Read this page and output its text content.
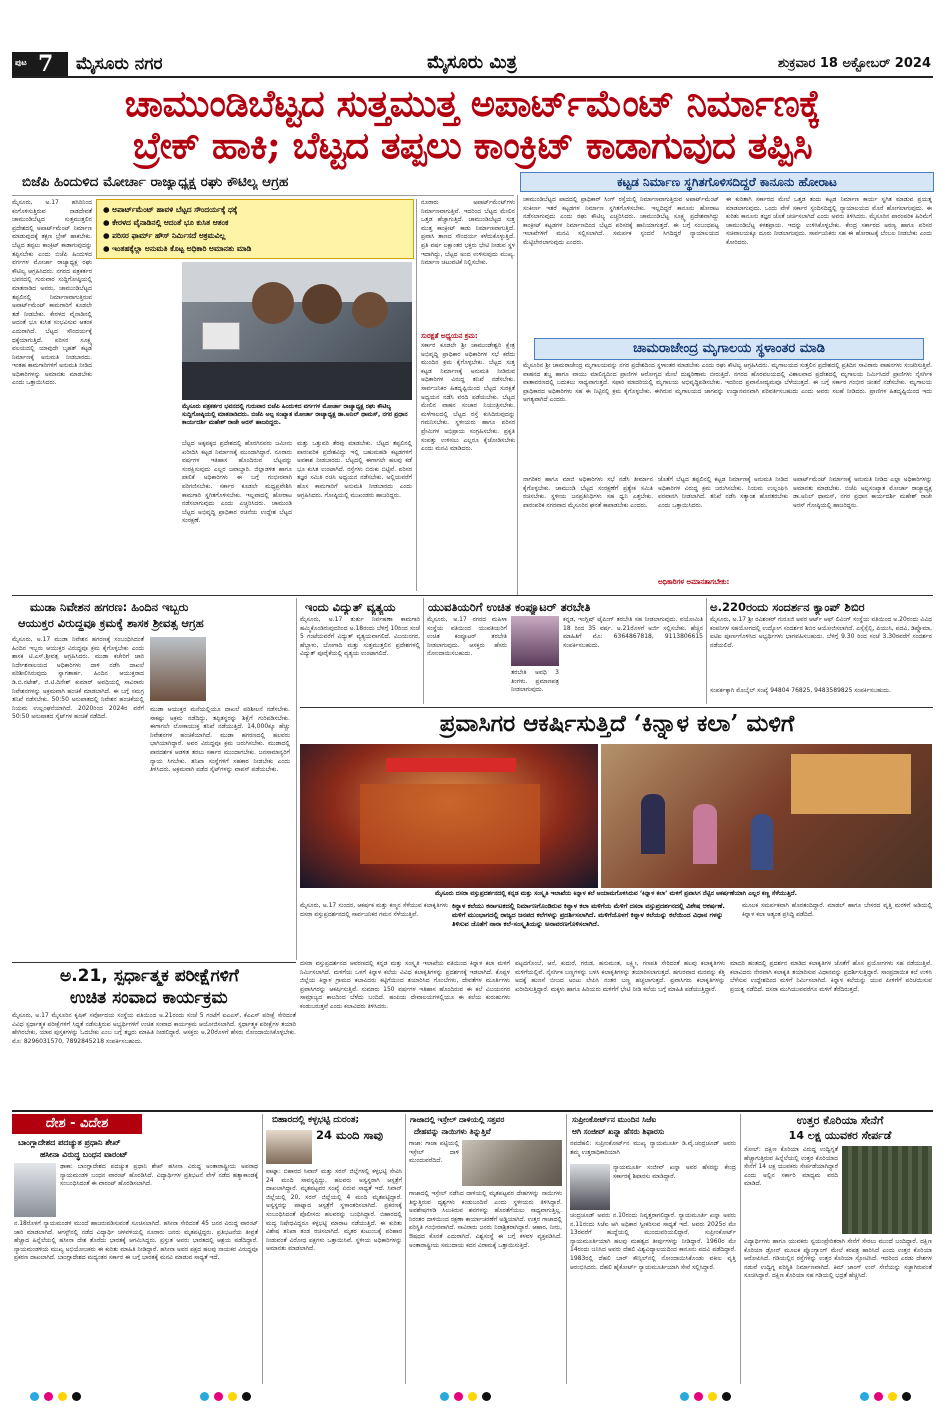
ಪುಟ 7 ಮೈಸೂರು ನಗರ	ಮೈಸೂರು ಮಿತ್ರ	ಶುಕ್ರವಾರ 18 ಅಕ್ಟೋಬರ್ 2024
ಚಾಮುಂಡಿಬೆಟ್ಟದ ಸುತ್ತಮುತ್ತ ಅಪಾರ್ಟ್‌ಮೆಂಟ್ ನಿರ್ಮಾಣಕ್ಕೆ
ಬ್ರೇಕ್ ಹಾಕಿ; ಬೆಟ್ಟದ ತಪ್ಪಲು ಕಾಂಕ್ರಿಟ್ ಕಾಡಾಗುವುದ ತಪ್ಪಿಸಿ
ಬಿಜೆಪಿ ಹಿಂದುಳಿದ ಮೋರ್ಚಾ ರಾಜ್ಯಾಧ್ಯಕ್ಷ ರಘು ಕೌಟಿಲ್ಯ ಆಗ್ರಹ	ಕಟ್ಟಡ ನಿರ್ಮಾಣ ಸ್ಥಗಿತಗೊಳಿಸದಿದ್ದರೆ ಕಾನೂನು ಹೋರಾಟ
ಮೈಸೂರು, ಅ.17 ಹಸಿರಿನಿಂದ ಕಂಗೊಳಿಸುತ್ತಿರುವ ನಾಡದೇವತೆ ಚಾಮುಂಡಿಬೆಟ್ಟದ ಸುತ್ತಮುತ್ತಲಿನ ಪ್ರದೇಶದಲ್ಲಿ ಅಪಾರ್ಟ್‌ಮೆಂಟ್ ನಿರ್ಮಾಣ ಮಾಡುವುದಕ್ಕೆ ತಕ್ಷಣ ಬ್ರೇಕ್ ಹಾಕಬೇಕು. ಬೆಟ್ಟದ ತಪ್ಪಲು ಕಾಂಕ್ರಿಟ್ ಕಾಡಾಗುವುದನ್ನು ತಪ್ಪಿಸಬೇಕು ಎಂದು ಬಿಜೆಪಿ ಹಿಂದುಳಿದ ವರ್ಗಗಳ ಮೋರ್ಚಾ ರಾಜ್ಯಾಧ್ಯಕ್ಷ ರಘು ಕೌಟಿಲ್ಯ ಆಗ್ರಹಿಸಿದರು. ನಗರದ ಪತ್ರಕರ್ತರ ಭವನದಲ್ಲಿ ಗುರುವಾರ ಸುದ್ದಿಗೋಷ್ಠಿಯಲ್ಲಿ ಮಾತನಾಡಿದ ಅವರು, ಚಾಮುಂಡಿಬೆಟ್ಟದ ತಪ್ಪಲಿನಲ್ಲಿ ನಿರ್ಮಾಣವಾಗುತ್ತಿರುವ ಅಪಾರ್ಟ್‌ಮೆಂಟ್ ಕಾಮಗಾರಿಗೆ ಕೂಡಲೇ ತಡೆ ನೀಡಬೇಕು. ಕೇರಳದ ವೈನಾಡಿನಲ್ಲಿ ಆದಂತೆ ಭೂ ಕುಸಿತ ಸಂಭವಿಸುವ ಆತಂಕ ಎದುರಾಗಿದೆ. ಬೆಟ್ಟದ ಸೌಂದರ್ಯಕ್ಕೆ ಧಕ್ಕೆಯಾಗುತ್ತಿದೆ. ಪರಿಸರ ಸೂಕ್ಷ್ಮ ವಲಯದಲ್ಲಿ ಯಾವುದೇ ಬೃಹತ್ ಕಟ್ಟಡ ನಿರ್ಮಾಣಕ್ಕೆ ಅನುಮತಿ ನೀಡಬಾರದು. ಇಂತಹ ಕಾಮಗಾರಿಗಳಿಗೆ ಅನುಮತಿ ನೀಡಿದ ಅಧಿಕಾರಿಗಳನ್ನು ಅಮಾನತು ಮಾಡಬೇಕು ಎಂದು ಒತ್ತಾಯಿಸಿದರು.
● ಅಪಾರ್ಟ್‌ಮೆಂಟ್ ಹಾವಳಿ ಬೆಟ್ಟದ ಸೌಂದರ್ಯಕ್ಕೆ ಧಕ್ಕೆ
● ಕೇರಳದ ವೈನಾಡಿನಲ್ಲಿ ಆದಂತೆ ಭೂ ಕುಸಿತ ಆತಂಕ
● ಪರಿಸರ ಫಾರ್ಮ್ ಹೌಸ್ ನಿರ್ಮಿಸದೆ ಅಕ್ರಮವಿಲ್ಲ
● ಇಂತಹಕ್ಕೆಲ್ಲಾ ಅನುಮತಿ ಕೊಟ್ಟ ಅಧಿಕಾರಿ ಅಮಾನತು ಮಾಡಿ
ಮೈಸೂರು ಪತ್ರಕರ್ತರ ಭವನದಲ್ಲಿ ಗುರುವಾರ ಬಿಜೆಪಿ ಹಿಂದುಳಿದ ವರ್ಗಗಳ ಮೋರ್ಚಾ ರಾಜ್ಯಾಧ್ಯಕ್ಷ ರಘು ಕೌಟಿಲ್ಯ ಸುದ್ದಿಗೋಷ್ಠಿಯಲ್ಲಿ ಮಾತನಾಡಿದರು. ಬಿಜೆಪಿ ಅಲ್ಪ ಸಂಖ್ಯಾತ ಮೋರ್ಚಾ ರಾಜ್ಯಾಧ್ಯಕ್ಷ ಡಾ.ಅನಿಲ್ ಥಾಮಸ್, ನಗರ ಪ್ರಧಾನ ಕಾರ್ಯದರ್ಶಿ ಮಹೇಶ್ ರಾಜೇ ಅರಸ್ ಹಾಜರಿದ್ದರು.
ಬೆಟ್ಟದ ಅಕ್ಕಪಕ್ಕದ ಪ್ರದೇಶದಲ್ಲಿ ಹೊರಗಿನವರು ಜಮೀನು ಖರೀದಿಸಿ ಕಟ್ಟಡ ನಿರ್ಮಾಣಕ್ಕೆ ಮುಂದಾಗಿದ್ದಾರೆ. ನೂರಾರು ವರ್ಷಗಳ ಇತಿಹಾಸ ಹೊಂದಿರುವ ಬೆಟ್ಟವನ್ನು ಸಂರಕ್ಷಿಸುವುದು ಎಲ್ಲರ ಜವಾಬ್ದಾರಿ. ಜಿಲ್ಲಾಡಳಿತ ಹಾಗೂ ಪಾಲಿಕೆ ಅಧಿಕಾರಿಗಳು ಈ ಬಗ್ಗೆ ಗಂಭೀರವಾಗಿ ಪರಿಗಣಿಸಬೇಕು. ಸರ್ಕಾರ ಕೂಡಲೇ ಮಧ್ಯಪ್ರವೇಶಿಸಿ ಕಾಮಗಾರಿ ಸ್ಥಗಿತಗೊಳಿಸಬೇಕು. ಇಲ್ಲವಾದಲ್ಲಿ ಹೋರಾಟ ನಡೆಸಲಾಗುವುದು ಎಂದು ಎಚ್ಚರಿಸಿದರು. ಚಾಮುಂಡಿ ಬೆಟ್ಟದ ಅಭಿವೃದ್ಧಿ ಪ್ರಾಧಿಕಾರ ರಚನೆಯ ಉದ್ದೇಶ ಬೆಟ್ಟದ ಸಂರಕ್ಷಣೆ.
ಮತ್ತು ಒತ್ತುವರಿ ತೆರವು ಮಾಡಬೇಕು. ಬೆಟ್ಟದ ತಪ್ಪಲಿನಲ್ಲಿ ಪಾರಂಪರಿಕ ಪ್ರದೇಶವಿದ್ದು ಇಲ್ಲಿ ಬಹುಮಹಡಿ ಕಟ್ಟಡಗಳಿಗೆ ಅವಕಾಶ ನೀಡಬಾರದು. ಬೆಟ್ಟದಲ್ಲಿ ಈಗಾಗಲೇ ಹಲವು ಕಡೆ ಭೂ ಕುಸಿತ ಉಂಟಾಗಿದೆ. ರಸ್ತೆಗಳು ಬಿರುಕು ಬಿಟ್ಟಿವೆ. ಪರಿಸರ ತಜ್ಞರ ಸಮಿತಿ ರಚಿಸಿ ಅಧ್ಯಯನ ನಡೆಸಬೇಕು. ಅಲ್ಲಿಯವರೆಗೆ ಹೊಸ ಕಾಮಗಾರಿಗೆ ಅನುಮತಿ ನೀಡಬಾರದು ಎಂದು ಆಗ್ರಹಿಸಿದರು. ಗೋಷ್ಠಿಯಲ್ಲಿ ಮುಖಂಡರು ಹಾಜರಿದ್ದರು.
ನೂರಾರು ಅಪಾರ್ಟ್‌ಮೆಂಟ್‌ಗಳು ನಿರ್ಮಾಣವಾಗುತ್ತಿವೆ. ಇದರಿಂದ ಬೆಟ್ಟದ ಮೇಲಿನ ಒತ್ತಡ ಹೆಚ್ಚಾಗುತ್ತಿದೆ. ಚಾಮುಂಡಿಬೆಟ್ಟದ ಸುತ್ತ ಮುತ್ತ ಕಾಂಕ್ರೀಟ್ ಕಾಡು ನಿರ್ಮಾಣವಾಗುತ್ತಿದೆ. ಪ್ರವಾಸಿ ತಾಣದ ಸೌಂದರ್ಯ ಕಳೆದುಕೊಳ್ಳುತ್ತಿದೆ. ಪ್ರತಿ ವರ್ಷ ಲಕ್ಷಾಂತರ ಭಕ್ತರು ಭೇಟಿ ನೀಡುವ ಸ್ಥಳ ಇದಾಗಿದ್ದು, ಬೆಟ್ಟದ ಅಂದ ಉಳಿಸುವುದು ಮುಖ್ಯ. ನಿರ್ಮಾಣ ಚಟುವಟಿಕೆ ನಿಲ್ಲಿಸಬೇಕು.
ಸುರಕ್ಷತೆ ಅಧ್ಯಯನ ಕ್ರಮ:
ಸರ್ಕಾರ ಕೂಡಲೇ ಶ್ರೀ ಚಾಮುಂಡೇಶ್ವರಿ ಕ್ಷೇತ್ರ ಅಭಿವೃದ್ಧಿ ಪ್ರಾಧಿಕಾರ ಅಧಿಕಾರಿಗಳ ಸಭೆ ಕರೆದು ಮುಂದಿನ ಕ್ರಮ ಕೈಗೊಳ್ಳಬೇಕು. ಬೆಟ್ಟದ ಸುತ್ತ ಕಟ್ಟಡ ನಿರ್ಮಾಣಕ್ಕೆ ಅನುಮತಿ ನೀಡಿರುವ ಅಧಿಕಾರಿಗಳ ವಿರುದ್ಧ ತನಿಖೆ ನಡೆಸಬೇಕು. ಸಾರ್ವಜನಿಕರ ಹಿತದೃಷ್ಟಿಯಿಂದ ಬೆಟ್ಟದ ಸುರಕ್ಷತೆ ಅಧ್ಯಯನ ನಡೆಸಿ ವರದಿ ಪಡೆಯಬೇಕು. ಬೆಟ್ಟದ ಮೇಲಿನ ವಾಹನ ಸಂಚಾರ ನಿಯಂತ್ರಿಸಬೇಕು. ಮಳೆಗಾಲದಲ್ಲಿ ಬೆಟ್ಟದ ರಸ್ತೆ ಕುಸಿದಿರುವುದನ್ನು ಗಮನಿಸಬೇಕು. ಸ್ಥಳೀಯರು ಹಾಗೂ ಪರಿಸರ ಪ್ರೇಮಿಗಳ ಅಭಿಪ್ರಾಯ ಸಂಗ್ರಹಿಸಬೇಕು. ಪ್ರಕೃತಿ ಸಂಪತ್ತು ಉಳಿಸಲು ಎಲ್ಲರೂ ಕೈಜೋಡಿಸಬೇಕು ಎಂದು ಮನವಿ ಮಾಡಿದರು.
ಚಾಮುಂಡಿಬೆಟ್ಟದ ಪಾದದಲ್ಲಿ ಪ್ರಾಧಿಕಾರ್ ಸಿಂಗ್ ರಸ್ತೆಯಲ್ಲಿ ನಿರ್ಮಾಣವಾಗುತ್ತಿರುವ ಅಪಾರ್ಟ್‌ಮೆಂಟ್ ಸಂಕೀರ್ಣ ಇತರೆ ಕಟ್ಟಡಗಳ ನಿರ್ಮಾಣ ಸ್ಥಗಿತಗೊಳಿಸಬೇಕು. ಇಲ್ಲದಿದ್ದರೆ ಕಾನೂನು ಹೋರಾಟ ನಡೆಸಲಾಗುವುದು ಎಂದು ರಘು ಕೌಟಿಲ್ಯ ಎಚ್ಚರಿಸಿದರು. ಚಾಮುಂಡಿಬೆಟ್ಟ ಸೂಕ್ಷ್ಮ ಪ್ರದೇಶವಾಗಿದ್ದು ಕಾಂಕ್ರೀಟ್ ಕಟ್ಟಡಗಳ ನಿರ್ಮಾಣದಿಂದ ಬೆಟ್ಟದ ಪರಿಸರಕ್ಕೆ ಹಾನಿಯಾಗುತ್ತದೆ. ಈ ಬಗ್ಗೆ ಸಂಬಂಧಪಟ್ಟ ಇಲಾಖೆಗಳಿಗೆ ಮನವಿ ಸಲ್ಲಿಸಲಾಗಿದೆ. ಸಮರ್ಪಕ ಸ್ಪಂದನೆ ಸಿಗದಿದ್ದರೆ ನ್ಯಾಯಾಲಯದ ಮೆಟ್ಟಿಲೇರಲಾಗುವುದು ಎಂದರು.
ಈ ಕುರಿತಾಗಿ ಸರ್ಕಾರದ ಮೇಲೆ ಒತ್ತಡ ತಂದು ಕಟ್ಟಡ ನಿರ್ಮಾಣ ಕಾರ್ಯ ಸ್ಥಗಿತ ಮಾಡುವ ಪ್ರಯತ್ನ ಮಾಡಲಾಗುವುದು. ಒಂದು ವೇಳೆ ಸರ್ಕಾರ ಸ್ಪಂದಿಸದಿದ್ದಲ್ಲಿ ನ್ಯಾಯಾಲಯದ ಮೊರೆ ಹೋಗಲಾಗುವುದು. ಈ ಕುರಿತು ಕಾನೂನು ತಜ್ಞರ ಜೊತೆ ಚರ್ಚಿಸಲಾಗಿದೆ ಎಂದು ಅವರು ತಿಳಿಸಿದರು. ಮೈಸೂರಿನ ಪಾರಂಪರಿಕ ಹಿರಿಮೆಗೆ ಚಾಮುಂಡಿಬೆಟ್ಟ ಕಳಶಪ್ರಾಯ. ಇದನ್ನು ಉಳಿಸಿಕೊಳ್ಳಬೇಕು. ಕೇಂದ್ರ ಸರ್ಕಾರದ ಅರಣ್ಯ ಹಾಗೂ ಪರಿಸರ ಸಚಿವಾಲಯಕ್ಕೂ ದೂರು ನೀಡಲಾಗುವುದು. ಸಾರ್ವಜನಿಕರು ಸಹ ಈ ಹೋರಾಟಕ್ಕೆ ಬೆಂಬಲ ನೀಡಬೇಕು ಎಂದು ಕೋರಿದರು.
ಚಾಮರಾಜೇಂದ್ರ ಮೃಗಾಲಯ ಸ್ಥಳಾಂತರ ಮಾಡಿ
ಮೈಸೂರಿನ ಶ್ರೀ ಚಾಮರಾಜೇಂದ್ರ ಮೃಗಾಲಯವನ್ನು ನಗರ ಪ್ರದೇಶದಿಂದ ಸ್ಥಳಾಂತರ ಮಾಡಬೇಕು ಎಂದು ರಘು ಕೌಟಿಲ್ಯ ಆಗ್ರಹಿಸಿದರು. ಮೃಗಾಲಯದ ಸುತ್ತಲಿನ ಪ್ರದೇಶದಲ್ಲಿ ಪ್ರತಿದಿನ ಸಾವಿರಾರು ವಾಹನಗಳು ಸಂಚರಿಸುತ್ತಿವೆ. ವಾಹನದ ಶಬ್ದ ಹಾಗೂ ವಾಯು ಮಾಲಿನ್ಯದಿಂದ ಪ್ರಾಣಿಗಳ ಆರೋಗ್ಯದ ಮೇಲೆ ದುಷ್ಪರಿಣಾಮ ಬೀರುತ್ತಿದೆ. ನಗರದ ಹೊರವಲಯದಲ್ಲಿ ವಿಶಾಲವಾದ ಪ್ರದೇಶದಲ್ಲಿ ಮೃಗಾಲಯ ನಿರ್ಮಿಸಿದರೆ ಪ್ರಾಣಿಗಳು ನೈಸರ್ಗಿಕ ವಾತಾವರಣದಲ್ಲಿ ಬದುಕಲು ಸಾಧ್ಯವಾಗುತ್ತದೆ. ಸಫಾರಿ ಮಾದರಿಯಲ್ಲಿ ಮೃಗಾಲಯ ಅಭಿವೃದ್ಧಿಪಡಿಸಬೇಕು. ಇದರಿಂದ ಪ್ರವಾಸೋದ್ಯಮವೂ ಬೆಳೆಯುತ್ತದೆ. ಈ ಬಗ್ಗೆ ಸರ್ಕಾರ ಗಂಭೀರ ಚಿಂತನೆ ನಡೆಸಬೇಕು. ಮೃಗಾಲಯ ಪ್ರಾಧಿಕಾರದ ಅಧಿಕಾರಿಗಳು ಸಹ ಈ ನಿಟ್ಟಿನಲ್ಲಿ ಕ್ರಮ ಕೈಗೊಳ್ಳಬೇಕು. ಈಗಿರುವ ಮೃಗಾಲಯದ ಜಾಗವನ್ನು ಉದ್ಯಾನವನವಾಗಿ ಪರಿವರ್ತಿಸಬಹುದು ಎಂದು ಅವರು ಸಲಹೆ ನೀಡಿದರು. ಪ್ರಾಣಿಗಳ ಹಿತದೃಷ್ಟಿಯಿಂದ ಇದು ಅಗತ್ಯವಾಗಿದೆ ಎಂದರು.
ನಾಗರಿಕರ ಹಾಗೂ ಮಾಜಿ ಅಧಿಕಾರಿಗಳು ಸಭೆ ನಡೆಸಿ ತೀರ್ಮಾನ ಕೈಗೊಳ್ಳಬೇಕು. ಚಾಮುಂಡಿ ಬೆಟ್ಟದ ಸಂರಕ್ಷಣೆಗೆ ಪ್ರತ್ಯೇಕ ಸಮಿತಿ ರಚಿಸಬೇಕು. ಸ್ಥಳೀಯ ಜನಪ್ರತಿನಿಧಿಗಳು ಸಹ ಧ್ವನಿ ಎತ್ತಬೇಕು. ಪಾರಂಪರಿಕ ನಗರವಾದ ಮೈಸೂರಿನ ಘನತೆ ಕಾಪಾಡಬೇಕು ಎಂದರು.
ಅಧಿಕಾರಿಗಳ ಅಮಾನತಾಗಬೇಕು:
ಜೊತೆಗೆ ಬೆಟ್ಟದ ತಪ್ಪಲಿನಲ್ಲಿ ಕಟ್ಟಡ ನಿರ್ಮಾಣಕ್ಕೆ ಅನುಮತಿ ನೀಡಿದ ಅಧಿಕಾರಿಗಳ ವಿರುದ್ಧ ಕ್ರಮ ಜರುಗಿಸಬೇಕು. ನಿಯಮ ಉಲ್ಲಂಘಿಸಿ ಪರವಾನಗಿ ನೀಡಲಾಗಿದೆ. ತನಿಖೆ ನಡೆಸಿ ಸತ್ಯಾಂಶ ಹೊರತರಬೇಕು ಎಂದು ಒತ್ತಾಯಿಸಿದರು.
ಅಪಾರ್ಟ್‌ಮೆಂಟ್ ನಿರ್ಮಾಣಕ್ಕೆ ಅನುಮತಿ ನೀಡಿದ ಎಲ್ಲಾ ಅಧಿಕಾರಿಗಳನ್ನು ಅಮಾನತು ಮಾಡಬೇಕು. ಬಿಜೆಪಿ ಅಲ್ಪಸಂಖ್ಯಾತ ಮೋರ್ಚಾ ರಾಜ್ಯಾಧ್ಯಕ್ಷ ಡಾ.ಅನಿಲ್ ಥಾಮಸ್, ನಗರ ಪ್ರಧಾನ ಕಾರ್ಯದರ್ಶಿ ಮಹೇಶ್ ರಾಜೇ ಅರಸ್ ಗೋಷ್ಠಿಯಲ್ಲಿ ಹಾಜರಿದ್ದರು.
ಮುಡಾ ನಿವೇಶನ ಹಗರಣ: ಹಿಂದಿನ ಇಬ್ಬರು
ಆಯುಕ್ತರ ವಿರುದ್ಧವೂ ಕ್ರಮಕ್ಕೆ ಶಾಸಕ ಶ್ರೀವತ್ಸ ಆಗ್ರಹ
ಮೈಸೂರು, ಅ.17 ಮುಡಾ ನಿವೇಶನ ಹಗರಣಕ್ಕೆ ಸಂಬಂಧಿಸಿದಂತೆ ಹಿಂದಿನ ಇಬ್ಬರು ಆಯುಕ್ತರ ವಿರುದ್ಧವೂ ಕ್ರಮ ಕೈಗೊಳ್ಳಬೇಕು ಎಂದು ಶಾಸಕ ಟಿ.ಎಸ್.ಶ್ರೀವತ್ಸ ಆಗ್ರಹಿಸಿದರು. ಮುಡಾ ಕಚೇರಿಗೆ ಜಾರಿ ನಿರ್ದೇಶನಾಲಯದ ಅಧಿಕಾರಿಗಳು ದಾಳಿ ನಡೆಸಿ ದಾಖಲೆ ಪರಿಶೀಲಿಸಿರುವುದು ಸ್ವಾಗತಾರ್ಹ. ಹಿಂದಿನ ಆಯುಕ್ತರಾದ ಡಿ.ಬಿ.ನಟೇಶ್, ಜಿ.ಟಿ.ದಿನೇಶ್ ಕುಮಾರ್ ಅವಧಿಯಲ್ಲಿ ಸಾವಿರಾರು ನಿವೇಶನಗಳನ್ನು ಅಕ್ರಮವಾಗಿ ಹಂಚಿಕೆ ಮಾಡಲಾಗಿದೆ. ಈ ಬಗ್ಗೆ ಸಮಗ್ರ ತನಿಖೆ ನಡೆಸಬೇಕು. 50:50 ಅನುಪಾತದಲ್ಲಿ ನಿವೇಶನ ಹಂಚಿಕೆಯಲ್ಲಿ ನಿಯಮ ಉಲ್ಲಂಘನೆಯಾಗಿದೆ. 2020ರಿಂದ 2024ರ ವರೆಗೆ 50:50 ಅನುಪಾತದ ಸೈಟ್‌ಗಳ ಹಂಚಿಕೆ ನಡೆದಿದೆ.
ಮುಡಾ ಆಯುಕ್ತರ ಮನೆಯಲ್ಲಿಯೂ ದಾಖಲೆ ಪರಿಶೀಲನೆ ನಡೆಸಬೇಕು. ಸಾಕಷ್ಟು ಅಕ್ರಮ ನಡೆದಿದ್ದು, ತಪ್ಪಿತಸ್ಥರನ್ನು ಶಿಕ್ಷೆಗೆ ಗುರಿಪಡಿಸಬೇಕು. ಈಗಾಗಲೇ ಲೋಕಾಯುಕ್ತ ತನಿಖೆ ನಡೆಯುತ್ತಿದೆ. 14,000ಕ್ಕೂ ಹೆಚ್ಚು ನಿವೇಶನಗಳ ಹಂಚಿಕೆಯಾಗಿದೆ. ಮುಡಾ ಹಗರಣದಲ್ಲಿ ಹಲವರು ಭಾಗಿಯಾಗಿದ್ದಾರೆ. ಅವರ ವಿರುದ್ಧವೂ ಕ್ರಮ ಜರುಗಿಸಬೇಕು. ಮುಡಾದಲ್ಲಿ ಪಾರದರ್ಶಕ ಆಡಳಿತ ತರಲು ಸರ್ಕಾರ ಮುಂದಾಗಬೇಕು. ಜನಸಾಮಾನ್ಯರಿಗೆ ನ್ಯಾಯ ಸಿಗಬೇಕು. ತನಿಖಾ ಸಂಸ್ಥೆಗಳಿಗೆ ಸಹಕಾರ ನೀಡಬೇಕು ಎಂದು ತಿಳಿಸಿದರು. ಅಕ್ರಮವಾಗಿ ಪಡೆದ ಸೈಟ್‌ಗಳನ್ನು ವಾಪಸ್ ಪಡೆಯಬೇಕು.
ಇಂದು ವಿದ್ಯುತ್ ವ್ಯತ್ಯಯ
ಮೈಸೂರು, ಅ.17 ತುರ್ತು ನಿರ್ವಹಣಾ ಕಾಮಗಾರಿ ಹಮ್ಮಿಕೊಂಡಿರುವುದರಿಂದ ಅ.18ರಂದು ಬೆಳಿಗ್ಗೆ 10ರಿಂದ ಸಂಜೆ 5 ಗಂಟೆಯವರೆಗೆ ವಿದ್ಯುತ್ ವ್ಯತ್ಯಯವಾಗಲಿದೆ. ವಿಜಯನಗರ, ಹೆಬ್ಬಾಳು, ಬೋಗಾದಿ ಮತ್ತು ಸುತ್ತಮುತ್ತಲಿನ ಪ್ರದೇಶಗಳಲ್ಲಿ ವಿದ್ಯುತ್ ಪೂರೈಕೆಯಲ್ಲಿ ವ್ಯತ್ಯಯ ಉಂಟಾಗಲಿದೆ.
ಯುವತಿಯರಿಗೆ ಉಚಿತ ಕಂಪ್ಯೂಟರ್ ತರಬೇತಿ
ಮೈಸೂರು, ಅ.17 ನಗರದ ಮಹಿಳಾ ಸಂಸ್ಥೆಯ ವತಿಯಿಂದ ಯುವತಿಯರಿಗೆ ಉಚಿತ ಕಂಪ್ಯೂಟರ್ ತರಬೇತಿ ನೀಡಲಾಗುವುದು. ಆಸಕ್ತರು ಹೆಸರು ನೋಂದಾಯಿಸಬಹುದು.
ತರಬೇತಿ ಅವಧಿ 3 ತಿಂಗಳು. ಪ್ರಮಾಣಪತ್ರ ನೀಡಲಾಗುವುದು.
ಕನ್ನಡ, ಇಂಗ್ಲಿಷ್ ಟೈಪಿಂಗ್ ತರಬೇತಿ ಸಹ ನೀಡಲಾಗುವುದು. ವಯೋಮಿತಿ 18 ರಿಂದ 35 ವರ್ಷ. ಅ.21ರೊಳಗೆ ಅರ್ಜಿ ಸಲ್ಲಿಸಬೇಕು. ಹೆಚ್ಚಿನ ಮಾಹಿತಿಗೆ ಮೊ: 6364867818, 9113806615 ಸಂಪರ್ಕಿಸಬಹುದು.
ಅ.220ರಂದು ಸಂದರ್ಶನ ಕ್ಯಾಂಪ್ ಶಿಬಿರ
ಮೈಸೂರು, ಅ.17 ಶ್ರೀ ರವಿಶಂಕರ್ ಗುರೂಜಿ ಅವರ ಆರ್ಟ್ ಆಫ್ ಲಿವಿಂಗ್ ಸಂಸ್ಥೆಯ ವತಿಯಿಂದ ಅ.20ರಂದು ವಿವಿಧ ಕಂಪನಿಗಳ ಸಹಯೋಗದಲ್ಲಿ ಉದ್ಯೋಗ ಸಂದರ್ಶನ ಶಿಬಿರ ಆಯೋಜಿಸಲಾಗಿದೆ. ಎಸ್ಸೆಸ್ಸೆಲ್ಸಿ, ಪಿಯುಸಿ, ಪದವಿ, ಡಿಪ್ಲೊಮಾ, ಐಟಿಐ ಪೂರ್ಣಗೊಳಿಸಿದ ಅಭ್ಯರ್ಥಿಗಳು ಭಾಗವಹಿಸಬಹುದು. ಬೆಳಿಗ್ಗೆ 9.30 ರಿಂದ ಸಂಜೆ 3.30ರವರೆಗೆ ಸಂದರ್ಶನ ನಡೆಯಲಿದೆ.
ಸಂಪರ್ಕಕ್ಕಾಗಿ ಮೊಬೈಲ್ ಸಂಖ್ಯೆ 94804 76825, 9483589825 ಸಂಪರ್ಕಿಸಬಹುದು.
ಪ್ರವಾಸಿಗರ ಆಕರ್ಷಿಸುತ್ತಿದೆ ‘ಕಿನ್ನಾಳ ಕಲಾ’ ಮಳಿಗೆ
ಮೈಸೂರು ದಸರಾ ವಸ್ತುಪ್ರದರ್ಶನದಲ್ಲಿ ಕನ್ನಡ ಮತ್ತು ಸಂಸ್ಕೃತಿ ಇಲಾಖೆಯ ಕಿನ್ನಾಳ ಕಲೆ ಆಯಾಮಗೊಳಿಸಿರುವ ‘ಕಿನ್ನಾಳ ಕಲಾ’ ಮಳಿಗೆ ಪ್ರವಾಸಿಗ ನೆಟ್ಟಿನ ಆಕರ್ಷಣೆಯಾಗಿ ಎಲ್ಲರ ಕಣ್ಣ ಸೆಳೆಯುತ್ತಿದೆ.
ಮೈಸೂರು, ಅ.17 ಸುಂದರ, ಆಕರ್ಷಕ ಮತ್ತು ಕಣ್ಮನ ಸೆಳೆಯುವ ಕಲಾಕೃತಿಗಳು ದಸರಾ ವಸ್ತುಪ್ರದರ್ಶನದಲ್ಲಿ ಸಾರ್ವಜನಿಕರ ಗಮನ ಸೆಳೆಯುತ್ತಿವೆ.
ಕಿನ್ನಾಳ ಕಲೆಯು ಕರ್ನಾಟಕದಲ್ಲಿ ನಿರ್ಮಾಣಗೊಂಡಿರುವ ಕಿನ್ನಾಳ ಕಲಾ ಮಳಿಗೆಯ ಮೆಳಿಗೆ ದಸರಾ ವಸ್ತುಪ್ರದರ್ಶನದಲ್ಲಿ ವಿಶೇಷ ಆಕರ್ಷಣೆ. ಮಳಿಗೆ ಮುಂಭಾಗದಲ್ಲಿ ರಾಜ್ಯದ ಜನಪದ ಕಲೆಗಳನ್ನು ಪ್ರದರ್ಶಿಸಲಾಗಿದೆ. ಮಳಿಗೆಯೊಳಗೆ ಕಿನ್ನಾಳ ಕಲೆಯನ್ನು ಕಲೆಯಿಂದ ವಿಧಾನ ಗಳನ್ನು ತಿಳಿಸುವ ಜೊತೆಗೆ ನಾನಾ ಕಲೆ-ಸಂಸ್ಕೃತಿಯನ್ನು ಅನಾವರಣಗೊಳಿಸಲಾಗಿದೆ.
ಮೂಲಕ ಸಮರ್ಪಕವಾಗಿ ಹೊರತಂದಿದ್ದಾರೆ. ಮಾಡಲ್ ಹಾಗೂ ಬೇಸರದ ವೃತ್ತಿ ಮರಳಿಗೆ ಅಡಿಯಲ್ಲಿ ಕಿನ್ನಾಳ ಕಲಾ ಅತ್ಯಂತ ಪ್ರಸಿದ್ಧಿ ಪಡೆದಿದೆ.
ದಸರಾ ವಸ್ತುಪ್ರದರ್ಶನದ ಆವರಣದಲ್ಲಿ ಕನ್ನಡ ಮತ್ತು ಸಂಸ್ಕೃತಿ ಇಲಾಖೆಯ ವತಿಯಿಂದ ಕಿನ್ನಾಳ ಕಲಾ ಮಳಿಗೆ ನಿರ್ಮಿಸಲಾಗಿದೆ. ಮಳಿಗೆಯ ಒಳಗೆ ಕಿನ್ನಾಳ ಕಲೆಯ ವಿವಿಧ ಕಲಾಕೃತಿಗಳನ್ನು ಪ್ರದರ್ಶನಕ್ಕೆ ಇಡಲಾಗಿದೆ. ಕೊಪ್ಪಳ ಜಿಲ್ಲೆಯ ಕಿನ್ನಾಳ ಗ್ರಾಮದ ಕಲಾವಿದರು ಕಟ್ಟಿಗೆಯಿಂದ ತಯಾರಿಸಿದ ಗೊಂಬೆಗಳು, ದೇವತೆಗಳ ಮೂರ್ತಿಗಳು ಪ್ರವಾಸಿಗರನ್ನು ಆಕರ್ಷಿಸುತ್ತಿವೆ. ಸುಮಾರು 150 ವರ್ಷಗಳ ಇತಿಹಾಸ ಹೊಂದಿರುವ ಈ ಕಲೆ ವಿಜಯನಗರ ಸಾಮ್ರಾಜ್ಯದ ಕಾಲದಿಂದ ಬೆಳೆದು ಬಂದಿದೆ. ಹಂಪಿಯ ದೇವಾಲಯಗಳಲ್ಲಿಯೂ ಈ ಕಲೆಯ ಕುರುಹುಗಳು ಕಂಡುಬರುತ್ತವೆ ಎಂದು ಕಲಾವಿದರು ತಿಳಿಸಿದರು.
ಪಟ್ಟದಗೊಂಬೆ, ಆನೆ, ಕುದುರೆ, ಗರುಡ, ಹನುಮಂತ, ಲಕ್ಷ್ಮೀ, ಗಣಪತಿ ಸೇರಿದಂತೆ ಹಲವು ಕಲಾಕೃತಿಗಳು ಮಳಿಗೆಯಲ್ಲಿವೆ. ನೈಸರ್ಗಿಕ ಬಣ್ಣಗಳನ್ನು ಬಳಸಿ ಕಲಾಕೃತಿಗಳನ್ನು ತಯಾರಿಸಲಾಗುತ್ತದೆ. ಹಗುರವಾದ ಮರವನ್ನು ಕೆತ್ತಿ ಅದಕ್ಕೆ ಹುಣಸೆ ಬೀಜದ ಅಂಟು ಲೇಪಿಸಿ ನಂತರ ಬಣ್ಣ ಹಚ್ಚಲಾಗುತ್ತದೆ. ಪ್ರವಾಸಿಗರು ಕಲಾಕೃತಿಗಳನ್ನು ಖರೀದಿಸುತ್ತಿದ್ದಾರೆ. ಮಕ್ಕಳು ಹಾಗೂ ಹಿರಿಯರು ಮಳಿಗೆಗೆ ಭೇಟಿ ನೀಡಿ ಕಲೆಯ ಬಗ್ಗೆ ಮಾಹಿತಿ ಪಡೆಯುತ್ತಿದ್ದಾರೆ.
ಮಾದರಿ ಹಂತದಲ್ಲಿ ಪ್ರದರ್ಶನ ಮಾಡಿದ ಕಲಾಕೃತಿಗಳ ಜೊತೆಗೆ ಹೊಸ ಪ್ರಯೋಗಗಳು ಸಹ ನಡೆಯುತ್ತಿವೆ. ಕಲಾವಿದರು ನೇರವಾಗಿ ಕಲಾಕೃತಿ ತಯಾರಿಸುವ ವಿಧಾನವನ್ನು ಪ್ರದರ್ಶಿಸುತ್ತಿದ್ದಾರೆ. ಸಾಂಪ್ರದಾಯಿಕ ಕಲೆ ಉಳಿಸಿ ಬೆಳೆಸುವ ಉದ್ದೇಶದಿಂದ ಮಳಿಗೆ ನಿರ್ಮಿಸಲಾಗಿದೆ. ಕಿನ್ನಾಳ ಕಲೆಯನ್ನು ಯುವ ಪೀಳಿಗೆಗೆ ಪರಿಚಯಿಸುವ ಪ್ರಯತ್ನ ನಡೆದಿದೆ. ದಸರಾ ಮುಗಿಯುವವರೆಗೂ ಮಳಿಗೆ ತೆರೆದಿರುತ್ತದೆ.
ಅ.21, ಸ್ಪರ್ಧಾತ್ಮಕ ಪರೀಕ್ಷೆಗಳಿಗೆ
ಉಚಿತ ಸಂವಾದ ಕಾರ್ಯಕ್ರಮ
ಮೈಸೂರು, ಅ.17 ಮೈಸೂರಿನ ಕೃಷಿಕ್ ಸರ್ವೋದಯ ಸಂಸ್ಥೆಯ ವತಿಯಿಂದ ಅ.21ರಂದು ಸಂಜೆ 5 ಗಂಟೆಗೆ ಐಎಎಸ್, ಕೆಎಎಸ್ ಪರೀಕ್ಷೆ ಸೇರಿದಂತೆ ವಿವಿಧ ಸ್ಪರ್ಧಾತ್ಮಕ ಪರೀಕ್ಷೆಗಳಿಗೆ ಸಿದ್ಧತೆ ನಡೆಸುತ್ತಿರುವ ಅಭ್ಯರ್ಥಿಗಳಿಗೆ ಉಚಿತ ಸಂವಾದ ಕಾರ್ಯಕ್ರಮ ಆಯೋಜಿಸಲಾಗಿದೆ. ಸ್ಪರ್ಧಾತ್ಮಕ ಪರೀಕ್ಷೆಗಳ ತಯಾರಿ ಹೇಗಿರಬೇಕು, ಯಾವ ಪುಸ್ತಕಗಳನ್ನು ಓದಬೇಕು ಎಂಬ ಬಗ್ಗೆ ತಜ್ಞರು ಮಾಹಿತಿ ನೀಡಲಿದ್ದಾರೆ. ಆಸಕ್ತರು ಅ.20ರೊಳಗೆ ಹೆಸರು ನೋಂದಾಯಿಸಿಕೊಳ್ಳಬೇಕು. ಮೊ: 8296031570, 7892845218 ಸಂಪರ್ಕಿಸಬಹುದು.
ದೇಶ - ವಿದೇಶ
ಬಾಂಗ್ಲಾದೇಶದ ಪದಚ್ಯುತ ಪ್ರಧಾನಿ ಶೇಖ್
ಹಸೀನಾ ವಿರುದ್ಧ ಬಂಧನ ವಾರಂಟ್
ಢಾಕಾ: ಬಾಂಗ್ಲಾದೇಶದ ಪದಚ್ಯುತ ಪ್ರಧಾನಿ ಶೇಖ್ ಹಸೀನಾ ವಿರುದ್ಧ ಅಂತಾರಾಷ್ಟ್ರೀಯ ಅಪರಾಧ ನ್ಯಾಯಮಂಡಳಿ ಬಂಧನ ವಾರಂಟ್ ಹೊರಡಿಸಿದೆ. ವಿದ್ಯಾರ್ಥಿಗಳ ಪ್ರತಿಭಟನೆ ವೇಳೆ ನಡೆದ ಹತ್ಯಾಕಾಂಡಕ್ಕೆ ಸಂಬಂಧಿಸಿದಂತೆ ಈ ವಾರಂಟ್ ಹೊರಡಿಸಲಾಗಿದೆ.
ನ.18ರೊಳಗೆ ನ್ಯಾಯಮಂಡಳಿ ಮುಂದೆ ಹಾಜರುಪಡಿಸುವಂತೆ ಸೂಚಿಸಲಾಗಿದೆ. ಹಸೀನಾ ಸೇರಿದಂತೆ 45 ಜನರ ವಿರುದ್ಧ ವಾರಂಟ್ ಜಾರಿ ಮಾಡಲಾಗಿದೆ. ಆಗಸ್ಟ್‌ನಲ್ಲಿ ನಡೆದ ವಿದ್ಯಾರ್ಥಿ ಚಳವಳಿಯಲ್ಲಿ ನೂರಾರು ಜನರು ಮೃತಪಟ್ಟಿದ್ದರು. ಪ್ರತಿಭಟನೆಯ ತೀವ್ರತೆ ಹೆಚ್ಚಾದ ಹಿನ್ನೆಲೆಯಲ್ಲಿ ಹಸೀನಾ ದೇಶ ತೊರೆದು ಭಾರತಕ್ಕೆ ಆಗಮಿಸಿದ್ದರು. ಪ್ರಸ್ತುತ ಅವರು ಭಾರತದಲ್ಲಿ ಆಶ್ರಯ ಪಡೆದಿದ್ದಾರೆ. ನ್ಯಾಯಮಂಡಳಿಯ ಮುಖ್ಯ ಅಭಿಯೋಜಕರು ಈ ಕುರಿತು ಮಾಹಿತಿ ನೀಡಿದ್ದಾರೆ. ಹಸೀನಾ ಅವರ ಪಕ್ಷದ ಹಲವು ನಾಯಕರ ವಿರುದ್ಧವೂ ಪ್ರಕರಣ ದಾಖಲಾಗಿದೆ. ಬಾಂಗ್ಲಾದೇಶದ ಮಧ್ಯಂತರ ಸರ್ಕಾರ ಈ ಬಗ್ಗೆ ಭಾರತಕ್ಕೆ ಮನವಿ ಮಾಡುವ ಸಾಧ್ಯತೆ ಇದೆ.
ಬಿಹಾರದಲ್ಲಿ ಕಳ್ಳಭಟ್ಟಿ ದುರಂತ;
24 ಮಂದಿ ಸಾವು
ಪಾಟ್ನಾ: ಬಿಹಾರದ ಸಿವಾನ್ ಮತ್ತು ಸರನ್ ಜಿಲ್ಲೆಗಳಲ್ಲಿ ಕಳ್ಳಭಟ್ಟಿ ಸೇವಿಸಿ 24 ಮಂದಿ ಸಾವನ್ನಪ್ಪಿದ್ದು, ಹಲವರು ಅಸ್ವಸ್ಥರಾಗಿ ಆಸ್ಪತ್ರೆಗೆ ದಾಖಲಾಗಿದ್ದಾರೆ. ಮೃತಪಟ್ಟವರ ಸಂಖ್ಯೆ ಏರುವ ಸಾಧ್ಯತೆ ಇದೆ. ಸಿವಾನ್ ಜಿಲ್ಲೆಯಲ್ಲಿ 20, ಸರನ್ ಜಿಲ್ಲೆಯಲ್ಲಿ 4 ಮಂದಿ ಮೃತಪಟ್ಟಿದ್ದಾರೆ. ಅಸ್ವಸ್ಥರನ್ನು ಪಾಟ್ನಾದ ಆಸ್ಪತ್ರೆಗೆ ಸ್ಥಳಾಂತರಿಸಲಾಗಿದೆ. ಪ್ರಕರಣಕ್ಕೆ ಸಂಬಂಧಿಸಿದಂತೆ ಪೊಲೀಸರು ಹಲವರನ್ನು ಬಂಧಿಸಿದ್ದಾರೆ. ಬಿಹಾರದಲ್ಲಿ ಮದ್ಯ ನಿಷೇಧವಿದ್ದರೂ ಕಳ್ಳಭಟ್ಟಿ ಮಾರಾಟ ನಡೆಯುತ್ತಿದೆ. ಈ ಕುರಿತು ವಿಶೇಷ ತನಿಖಾ ತಂಡ ರಚಿಸಲಾಗಿದೆ. ಮೃತರ ಕುಟುಂಬಕ್ಕೆ ಪರಿಹಾರ ನೀಡುವಂತೆ ವಿರೋಧ ಪಕ್ಷಗಳು ಒತ್ತಾಯಿಸಿವೆ. ಸ್ಥಳೀಯ ಅಧಿಕಾರಿಗಳನ್ನು ಅಮಾನತು ಮಾಡಲಾಗಿದೆ.
ಗಾಜಾದಲ್ಲಿ ಇಸ್ರೇಲ್ ದಾಳಿಯಲ್ಲಿ ಸತ್ತವರ
ದೇಹವನ್ನು ನಾಯಿಗಳು ತಿನ್ನುತ್ತಿವೆ
ಗಾಜಾ: ಗಾಜಾ ಪಟ್ಟಿಯಲ್ಲಿ ಇಸ್ರೇಲ್ ದಾಳಿ ಮುಂದುವರೆದಿದೆ.
ಗಾಜಾದಲ್ಲಿ ಇಸ್ರೇಲ್ ನಡೆಸಿದ ದಾಳಿಯಲ್ಲಿ ಮೃತಪಟ್ಟವರ ದೇಹಗಳನ್ನು ನಾಯಿಗಳು ತಿನ್ನುತ್ತಿರುವ ದೃಶ್ಯಗಳು ಕಂಡುಬಂದಿವೆ ಎಂದು ಸ್ಥಳೀಯರು ತಿಳಿಸಿದ್ದಾರೆ. ಅವಶೇಷಗಳಡಿ ಸಿಲುಕಿರುವ ಶವಗಳನ್ನು ಹೊರತೆಗೆಯಲು ಸಾಧ್ಯವಾಗುತ್ತಿಲ್ಲ. ನಿರಂತರ ದಾಳಿಯಿಂದ ರಕ್ಷಣಾ ಕಾರ್ಯಾಚರಣೆಗೆ ಅಡ್ಡಿಯಾಗಿದೆ. ಉತ್ತರ ಗಾಜಾದಲ್ಲಿ ಪರಿಸ್ಥಿತಿ ಗಂಭೀರವಾಗಿದೆ. ಸಾವಿರಾರು ಜನರು ನಿರಾಶ್ರಿತರಾಗಿದ್ದಾರೆ. ಆಹಾರ, ನೀರು, ಔಷಧದ ಕೊರತೆ ಎದುರಾಗಿದೆ. ವಿಶ್ವಸಂಸ್ಥೆ ಈ ಬಗ್ಗೆ ಕಳವಳ ವ್ಯಕ್ತಪಡಿಸಿದೆ. ಅಂತಾರಾಷ್ಟ್ರೀಯ ಸಮುದಾಯ ಕದನ ವಿರಾಮಕ್ಕೆ ಒತ್ತಾಯಿಸುತ್ತಿದೆ.
ಸುಪ್ರೀಂಕೋರ್ಟ್‌ನ ಮುಂದಿನ ಸಿಜೆಐ
ಆಗಿ ಸಂಜೀವ್ ಖನ್ನಾ ಹೆಸರು ಶಿಫಾರಸು
ನವದೆಹಲಿ: ಸುಪ್ರೀಂಕೋರ್ಟ್‌ನ ಮುಖ್ಯ ನ್ಯಾಯಮೂರ್ತಿ ಡಿ.ವೈ.ಚಂದ್ರಚೂಡ್ ಅವರು ತಮ್ಮ ಉತ್ತರಾಧಿಕಾರಿಯಾಗಿ
ನ್ಯಾಯಮೂರ್ತಿ ಸಂಜೀವ್ ಖನ್ನಾ ಅವರ ಹೆಸರನ್ನು ಕೇಂದ್ರ ಸರ್ಕಾರಕ್ಕೆ ಶಿಫಾರಸು ಮಾಡಿದ್ದಾರೆ.
ಚಂದ್ರಚೂಡ್ ಅವರು ನ.10ರಂದು ನಿವೃತ್ತರಾಗಲಿದ್ದಾರೆ. ನ್ಯಾಯಮೂರ್ತಿ ಖನ್ನಾ ಅವರು ನ.11ರಂದು ಸಿಜೆಐ ಆಗಿ ಅಧಿಕಾರ ಸ್ವೀಕರಿಸುವ ಸಾಧ್ಯತೆ ಇದೆ. ಅವರು 2025ರ ಮೇ 13ರವರೆಗೆ ಹುದ್ದೆಯಲ್ಲಿ ಮುಂದುವರಿಯಲಿದ್ದಾರೆ. ಸುಪ್ರೀಂಕೋರ್ಟ್ ನ್ಯಾಯಮೂರ್ತಿಯಾಗಿ ಹಲವು ಮಹತ್ವದ ತೀರ್ಪುಗಳನ್ನು ನೀಡಿದ್ದಾರೆ. 1960ರ ಮೇ 14ರಂದು ಜನಿಸಿದ ಅವರು ದೆಹಲಿ ವಿಶ್ವವಿದ್ಯಾಲಯದಿಂದ ಕಾನೂನು ಪದವಿ ಪಡೆದಿದ್ದಾರೆ. 1983ರಲ್ಲಿ ದೆಹಲಿ ಬಾರ್ ಕೌನ್ಸಿಲ್‌ನಲ್ಲಿ ನೋಂದಾಯಿಸಿಕೊಂಡು ವಕೀಲ ವೃತ್ತಿ ಆರಂಭಿಸಿದರು. ದೆಹಲಿ ಹೈಕೋರ್ಟ್ ನ್ಯಾಯಮೂರ್ತಿಯಾಗಿ ಸೇವೆ ಸಲ್ಲಿಸಿದ್ದಾರೆ.
ಉತ್ತರ ಕೊರಿಯಾ ಸೇನೆಗೆ
14 ಲಕ್ಷ ಯುವಕರ ಸೇರ್ಪಡೆ
ಸೋಲ್: ದಕ್ಷಿಣ ಕೊರಿಯಾ ವಿರುದ್ಧ ಉದ್ವಿಗ್ನತೆ ಹೆಚ್ಚಾಗುತ್ತಿರುವ ಹಿನ್ನೆಲೆಯಲ್ಲಿ ಉತ್ತರ ಕೊರಿಯಾದ ಸೇನೆಗೆ 14 ಲಕ್ಷ ಯುವಕರು ಸೇರ್ಪಡೆಯಾಗಿದ್ದಾರೆ ಎಂದು ಅಲ್ಲಿನ ಸರ್ಕಾರಿ ಮಾಧ್ಯಮ ವರದಿ ಮಾಡಿದೆ.
ವಿದ್ಯಾರ್ಥಿಗಳು ಹಾಗೂ ಯುವಕರು ಸ್ವಯಂಪ್ರೇರಿತರಾಗಿ ಸೇನೆಗೆ ಸೇರಲು ಮುಂದೆ ಬಂದಿದ್ದಾರೆ. ದಕ್ಷಿಣ ಕೊರಿಯಾ ಡ್ರೋನ್ ಮೂಲಕ ಪ್ಯೊಂಗ್ಯಾಂಗ್ ಮೇಲೆ ಕರಪತ್ರ ಹಾರಿಸಿದೆ ಎಂದು ಉತ್ತರ ಕೊರಿಯಾ ಆರೋಪಿಸಿದೆ. ಗಡಿಯಲ್ಲಿನ ರಸ್ತೆಗಳನ್ನು ಉತ್ತರ ಕೊರಿಯಾ ಸ್ಫೋಟಿಸಿದೆ. ಇದರಿಂದ ಎರಡು ದೇಶಗಳ ನಡುವೆ ಉದ್ವಿಗ್ನ ಪರಿಸ್ಥಿತಿ ನಿರ್ಮಾಣವಾಗಿದೆ. ಕಿಮ್ ಜಾಂಗ್ ಉನ್ ಸೇನೆಯನ್ನು ಸಜ್ಜಾಗಿರುವಂತೆ ಸೂಚಿಸಿದ್ದಾರೆ. ದಕ್ಷಿಣ ಕೊರಿಯಾ ಸಹ ಗಡಿಯಲ್ಲಿ ಭದ್ರತೆ ಹೆಚ್ಚಿಸಿದೆ.
